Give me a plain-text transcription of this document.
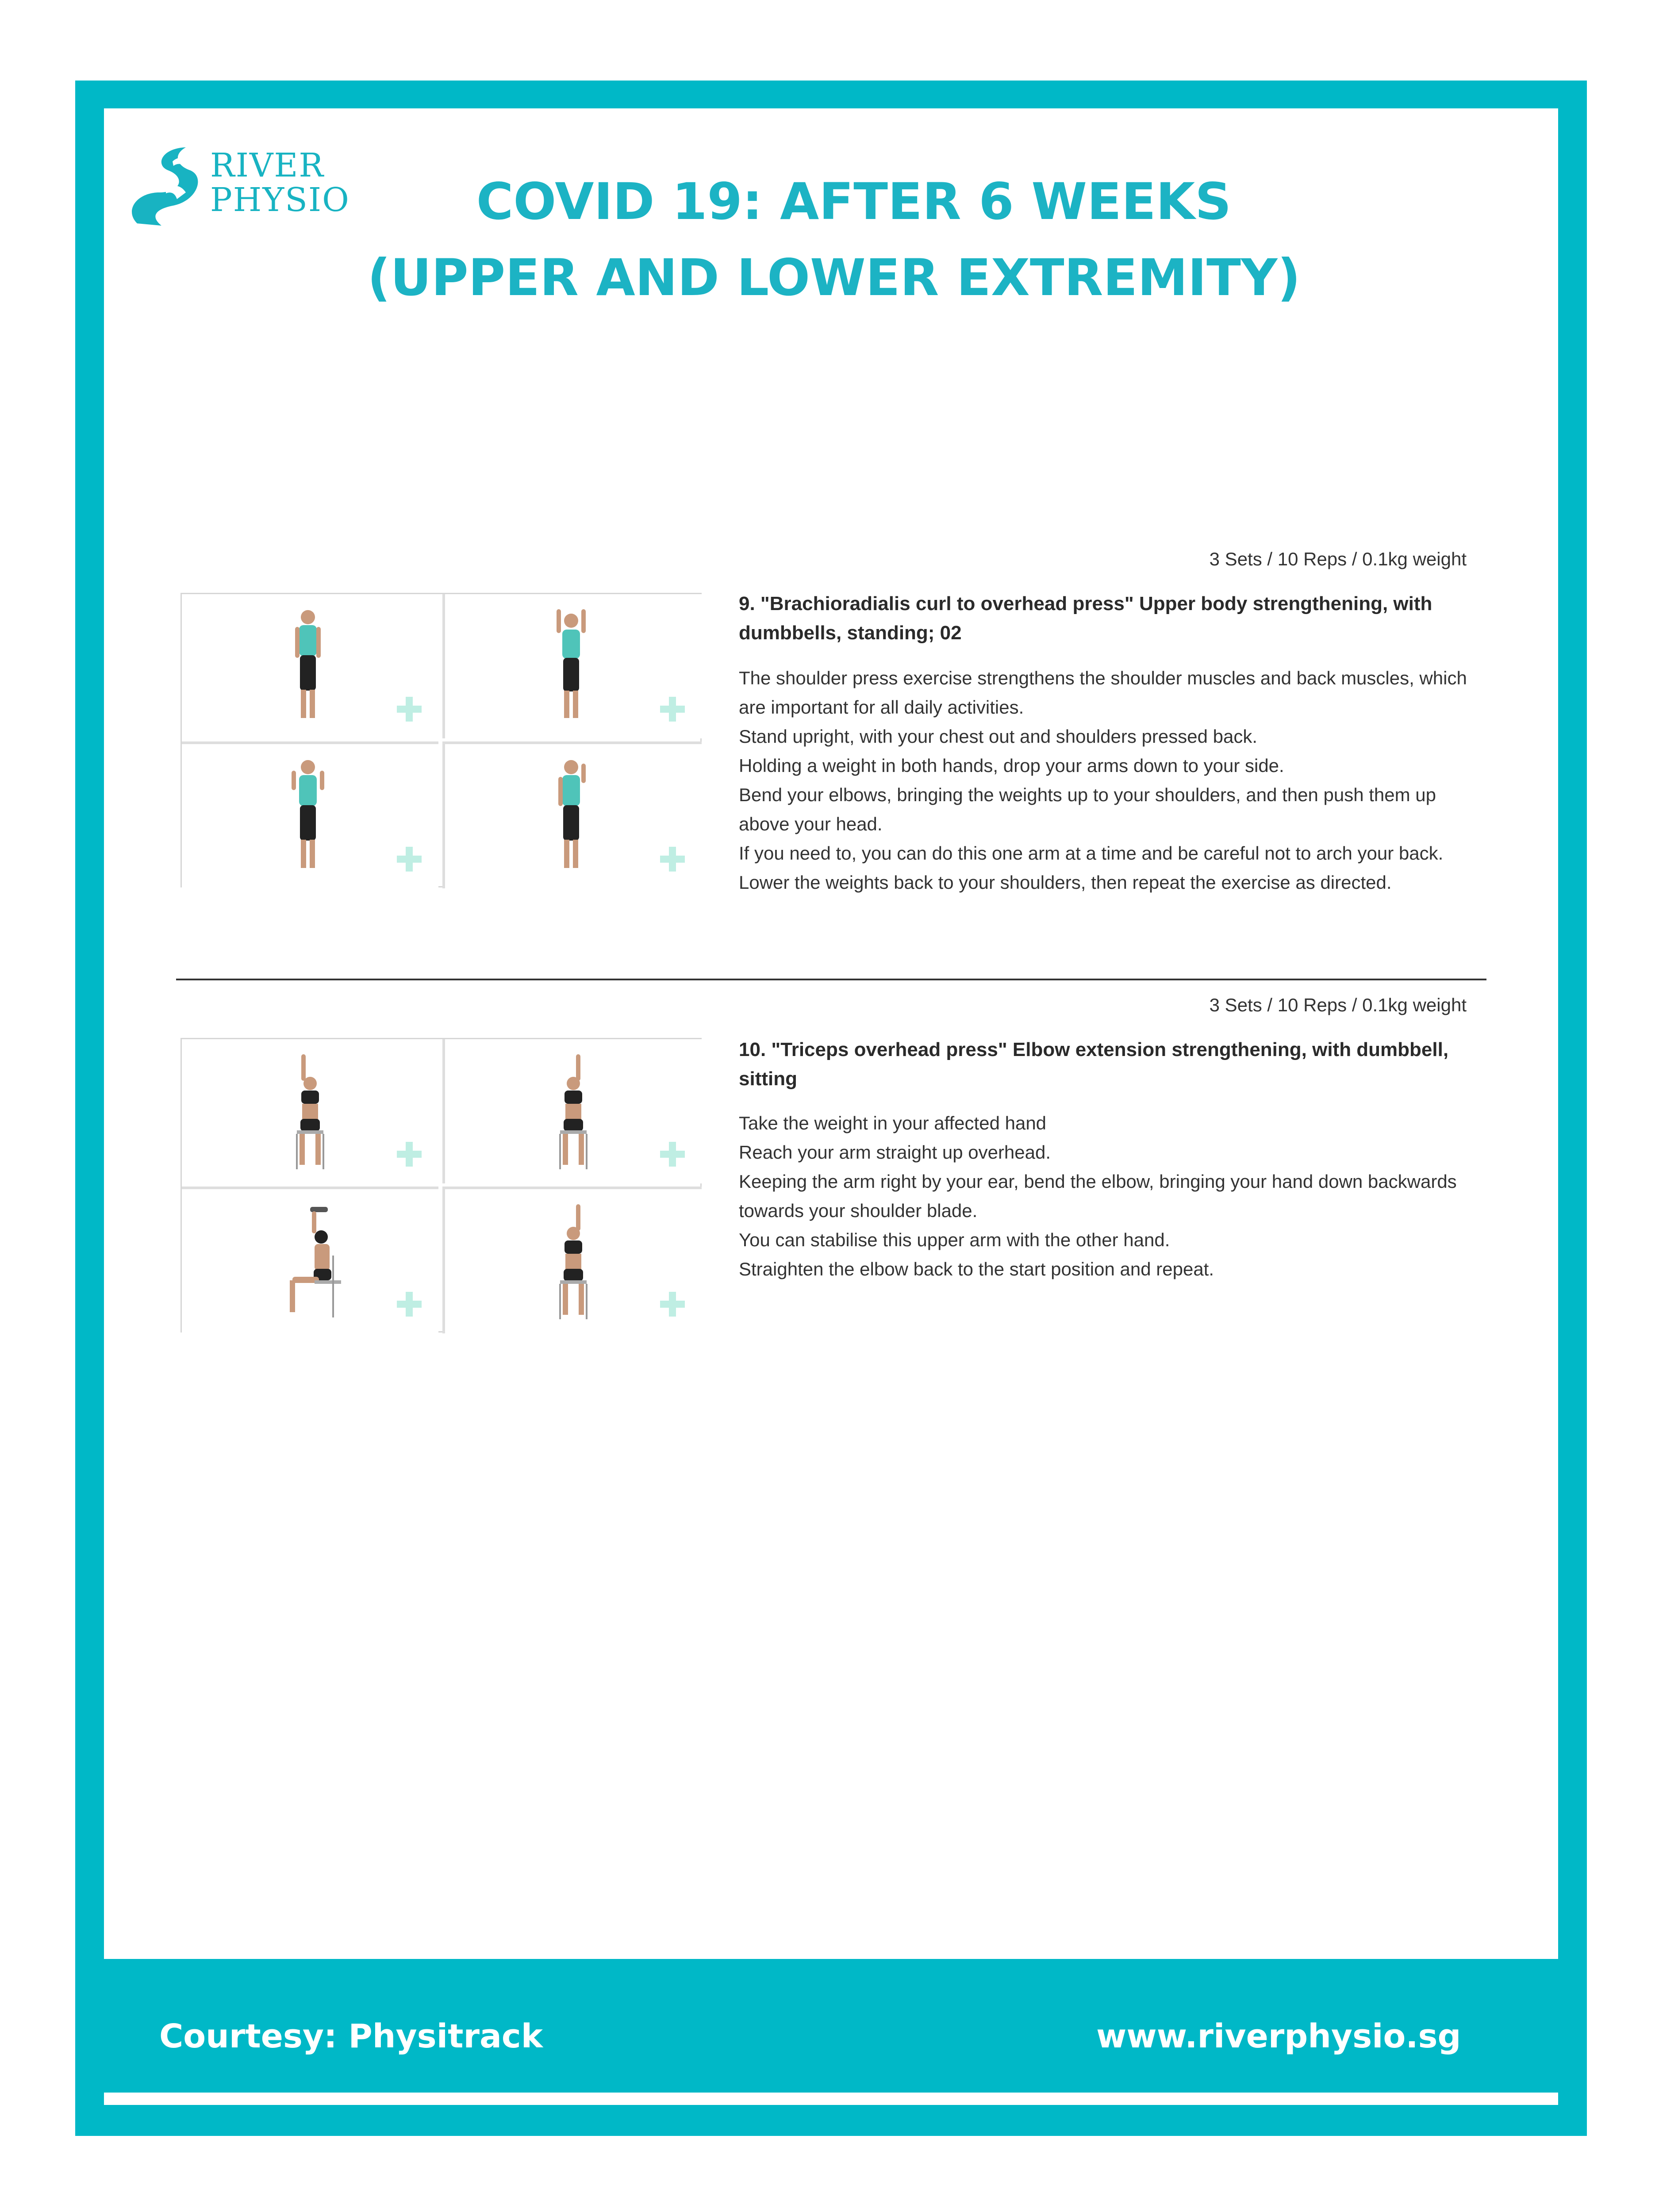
RIVER
PHYSIO	COVID 19: AFTER 6 WEEKS
(UPPER AND LOWER EXTREMITY)
3 Sets / 10 Reps / 0.1kg weight
9. "Brachioradialis curl to overhead press" Upper body strengthening, with dumbbells, standing; 02
The shoulder press exercise strengthens the shoulder muscles and back muscles, which are important for all daily activities.
Stand upright, with your chest out and shoulders pressed back.
Holding a weight in both hands, drop your arms down to your side.
Bend your elbows, bringing the weights up to your shoulders, and then push them up above your head.
If you need to, you can do this one arm at a time and be careful not to arch your back.
Lower the weights back to your shoulders, then repeat the exercise as directed.
3 Sets / 10 Reps / 0.1kg weight
10. "Triceps overhead press" Elbow extension strengthening, with dumbbell, sitting
Take the weight in your affected hand
Reach your arm straight up overhead.
Keeping the arm right by your ear, bend the elbow, bringing your hand down backwards towards your shoulder blade.
You can stabilise this upper arm with the other hand.
Straighten the elbow back to the start position and repeat.
Courtesy: Physitrack	www.riverphysio.sg
